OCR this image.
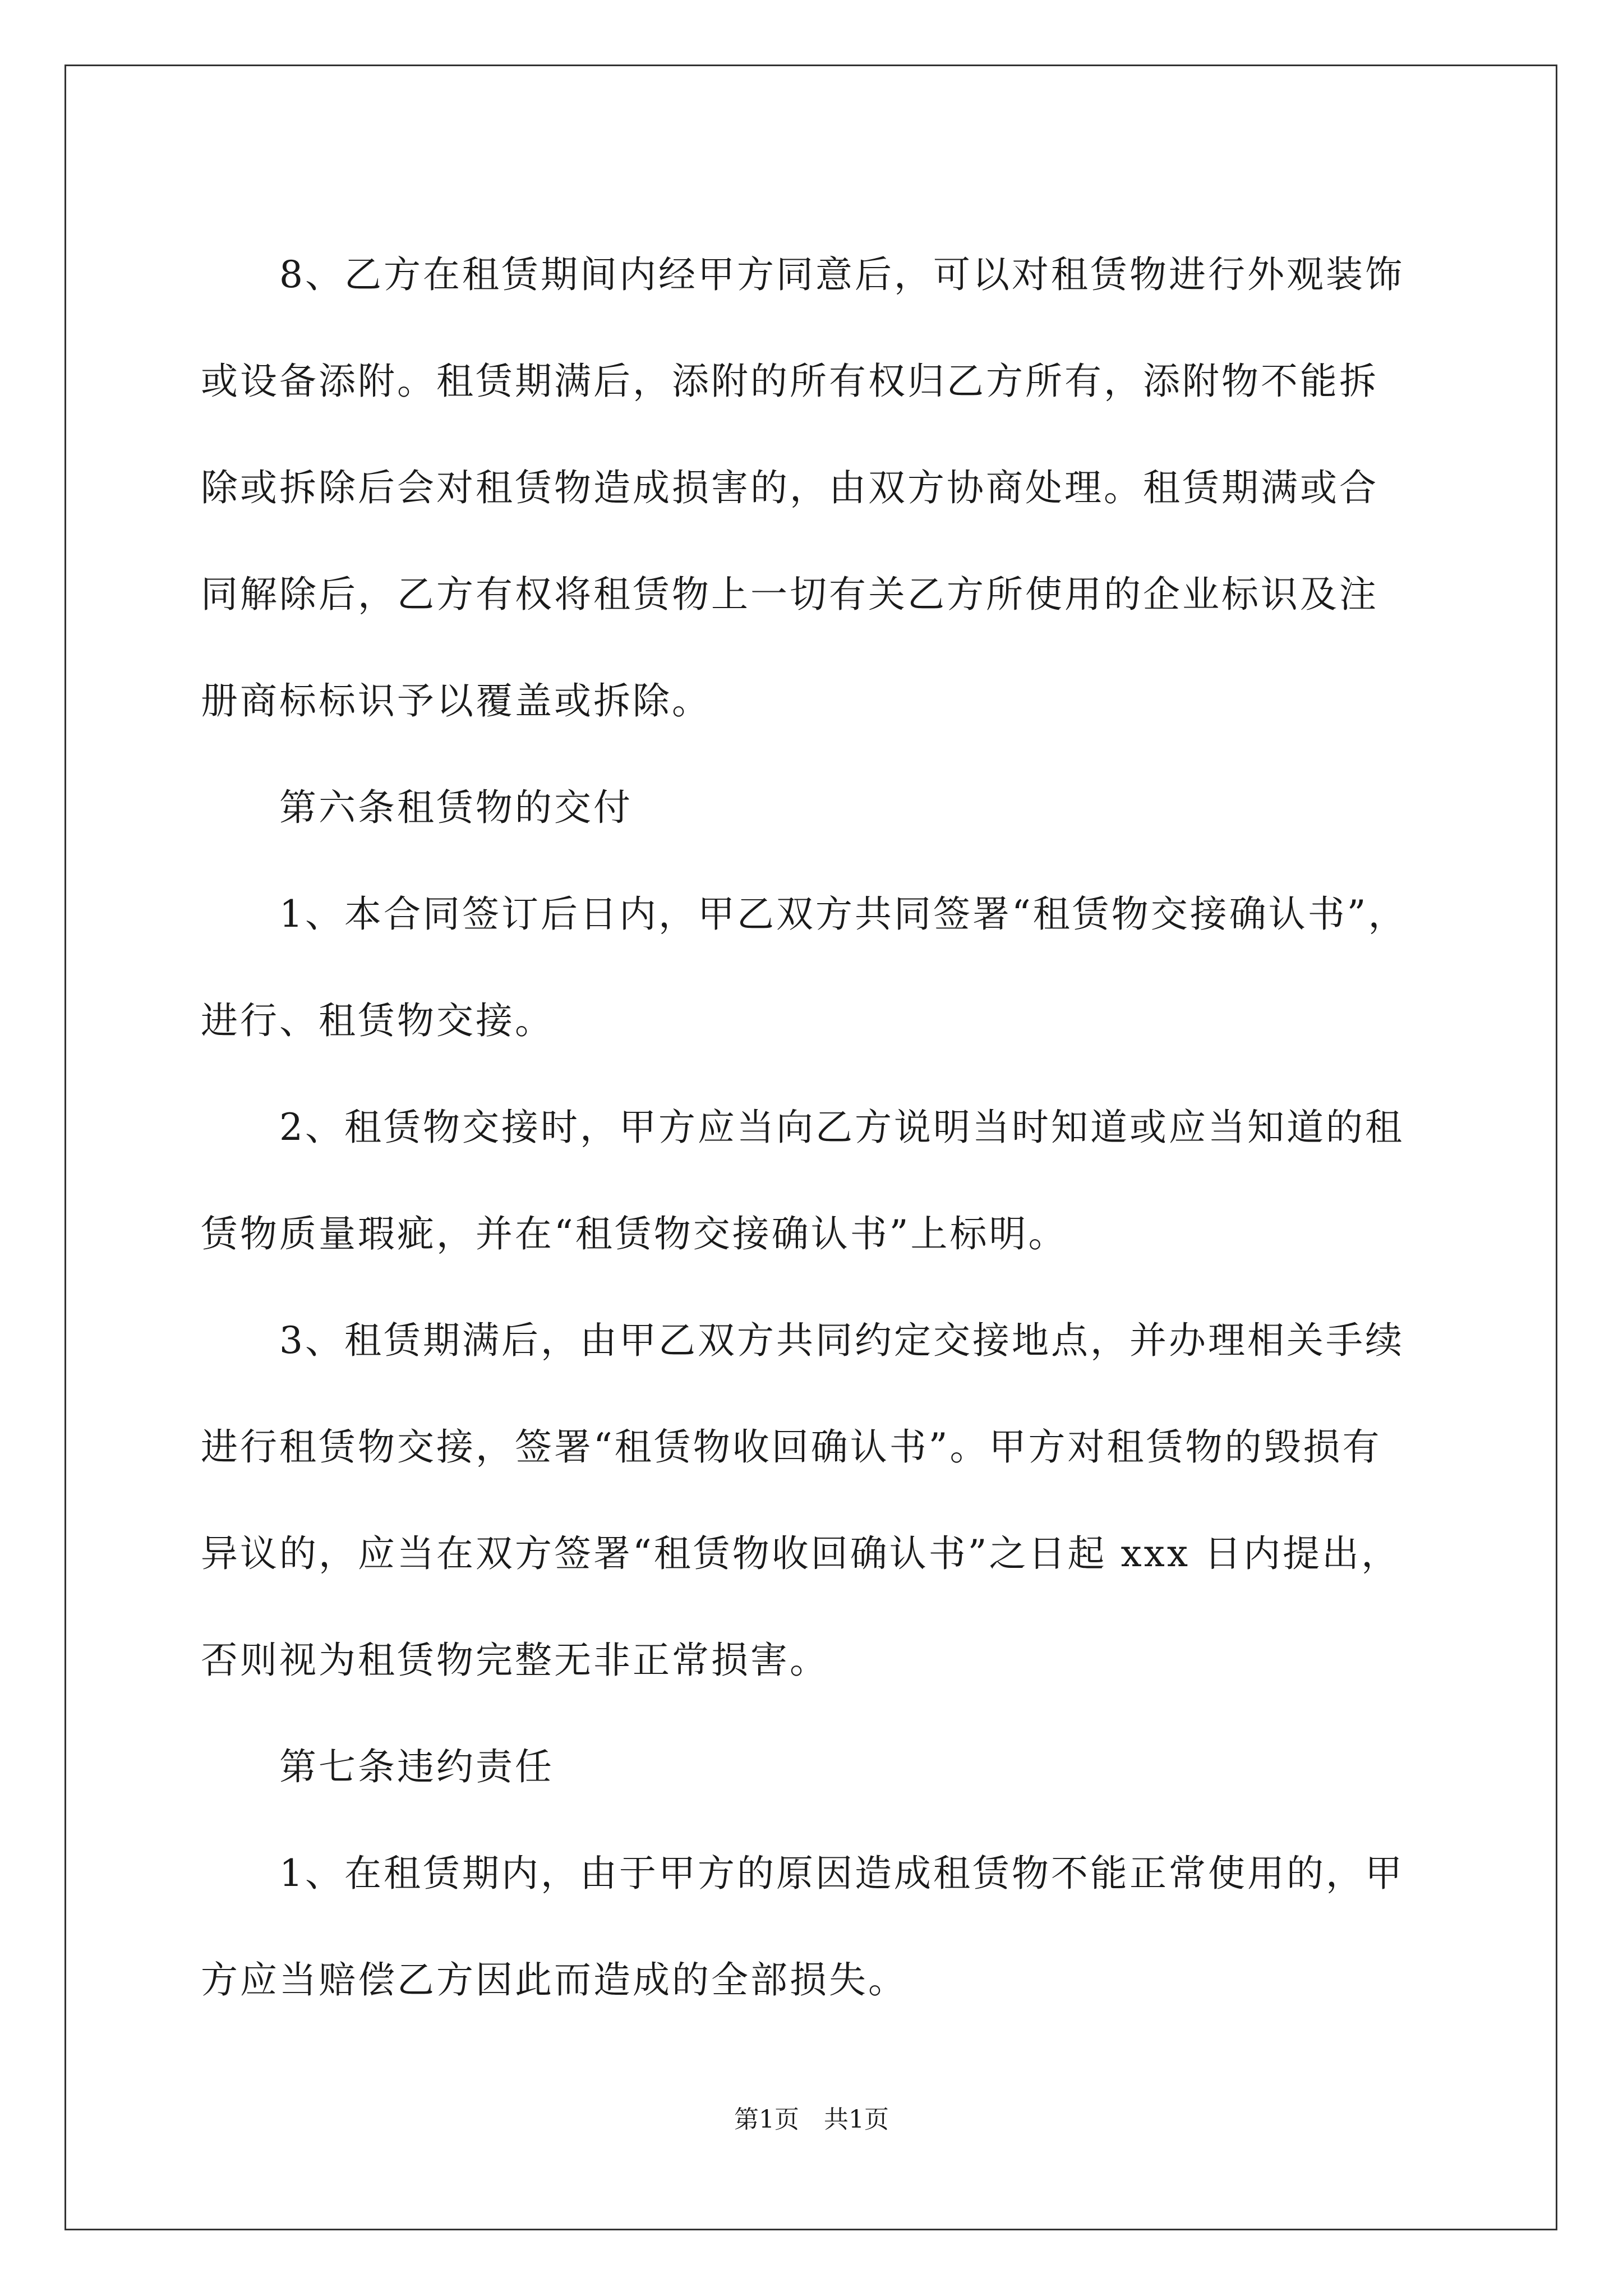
8、乙方在租赁期间内经甲方同意后，可以对租赁物进行外观装饰
或设备添附。租赁期满后，添附的所有权归乙方所有，添附物不能拆
除或拆除后会对租赁物造成损害的，由双方协商处理。租赁期满或合
同解除后，乙方有权将租赁物上一切有关乙方所使用的企业标识及注
册商标标识予以覆盖或拆除。

第六条租赁物的交付

1、本合同签订后日内，甲乙双方共同签署“租赁物交接确认书”，
进行、租赁物交接。

2、租赁物交接时，甲方应当向乙方说明当时知道或应当知道的租
赁物质量瑕疵，并在“租赁物交接确认书”上标明。

3、租赁期满后，由甲乙双方共同约定交接地点，并办理相关手续
进行租赁物交接，签署“租赁物收回确认书”。甲方对租赁物的毁损有
异议的，应当在双方签署“租赁物收回确认书”之日起 xxx 日内提出，
否则视为租赁物完整无非正常损害。

第七条违约责任

1、在租赁期内，由于甲方的原因造成租赁物不能正常使用的，甲
方应当赔偿乙方因此而造成的全部损失。

第1页 共1页
